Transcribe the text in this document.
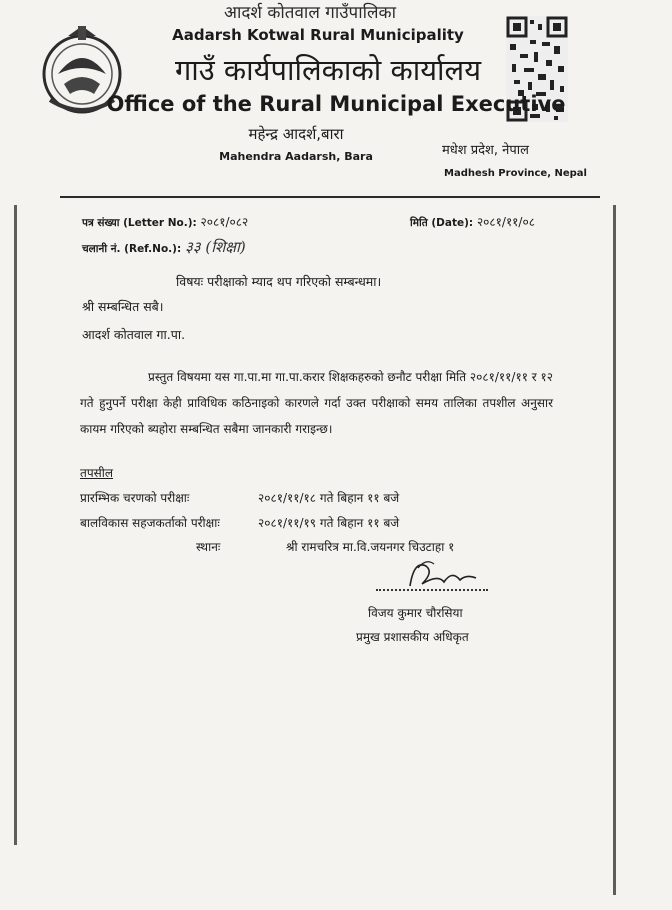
आदर्श कोतवाल गाउँपालिका
Aadarsh Kotwal Rural Municipality
गाउँ कार्यपालिकाको कार्यालय
Office of the Rural Municipal Executive
महेन्द्र आदर्श,बारा
Mahendra Aadarsh, Bara	मधेश प्रदेश, नेपाल
Madhesh Province, Nepal
पत्र संख्या (Letter No.): २०८१/०८२	मिति (Date): २०८१/११/०८
चलानी नं. (Ref.No.): ३३ (शिक्षा)
विषयः परीक्षाको म्याद थप गरिएको सम्बन्धमा।
श्री सम्बन्धित सबै।
आदर्श कोतवाल गा.पा.
प्रस्तुत विषयमा यस गा.पा.मा गा.पा.करार शिक्षकहरुको छनौट परीक्षा मिति २०८१/११/११ र १२ गते हुनुपर्ने परीक्षा केही प्राविधिक कठिनाइको कारणले गर्दा उक्त परीक्षाको समय तालिका तपशील अनुसार कायम गरिएको ब्यहोरा सम्बन्धित सबैमा जानकारी गराइन्छ।
तपसील
प्रारम्भिक चरणको परीक्षाः	२०८१/११/१८ गते बिहान ११ बजे
बालविकास सहजकर्ताको परीक्षाः	२०८१/११/१९ गते बिहान ११ बजे
स्थानः	श्री रामचरित्र मा.वि.जयनगर चिउटाहा १
विजय कुमार चौरसिया
प्रमुख प्रशासकीय अधिकृत
